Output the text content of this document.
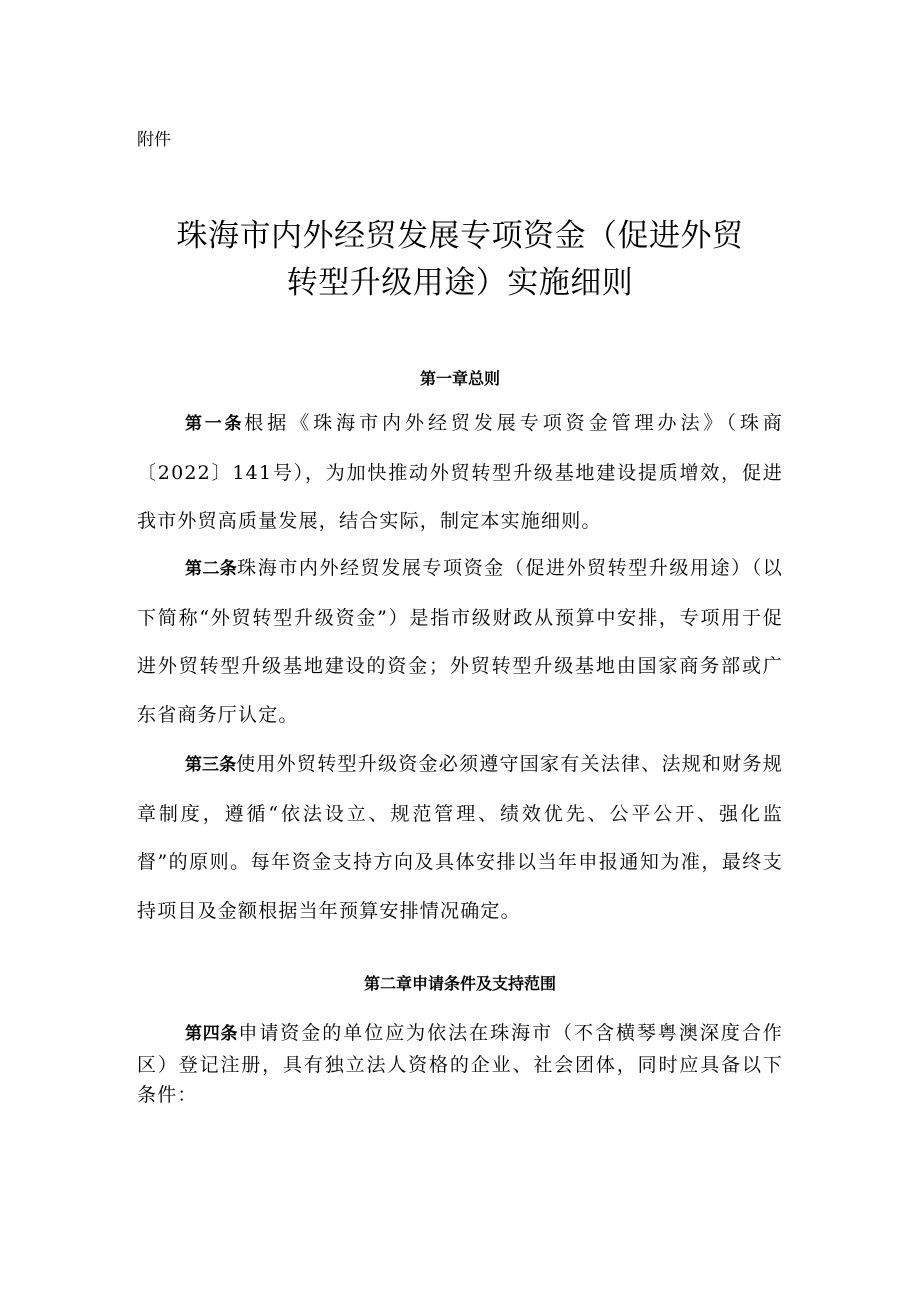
附件
珠海市内外经贸发展专项资金（促进外贸
转型升级用途）实施细则
第一章总则

第一条根据《珠海市内外经贸发展专项资金管理办法》（珠商〔2022〕141号），为加快推动外贸转型升级基地建设提质增效，促进我市外贸高质量发展，结合实际，制定本实施细则。

第二条珠海市内外经贸发展专项资金（促进外贸转型升级用途）（以下简称“外贸转型升级资金”）是指市级财政从预算中安排，专项用于促进外贸转型升级基地建设的资金；外贸转型升级基地由国家商务部或广东省商务厅认定。

第三条使用外贸转型升级资金必须遵守国家有关法律、法规和财务规章制度，遵循“依法设立、规范管理、绩效优先、公平公开、强化监督”的原则。每年资金支持方向及具体安排以当年申报通知为准，最终支持项目及金额根据当年预算安排情况确定。

第二章申请条件及支持范围

第四条申请资金的单位应为依法在珠海市（不含横琴粤澳深度合作区）登记注册，具有独立法人资格的企业、社会团体，同时应具备以下条件：
